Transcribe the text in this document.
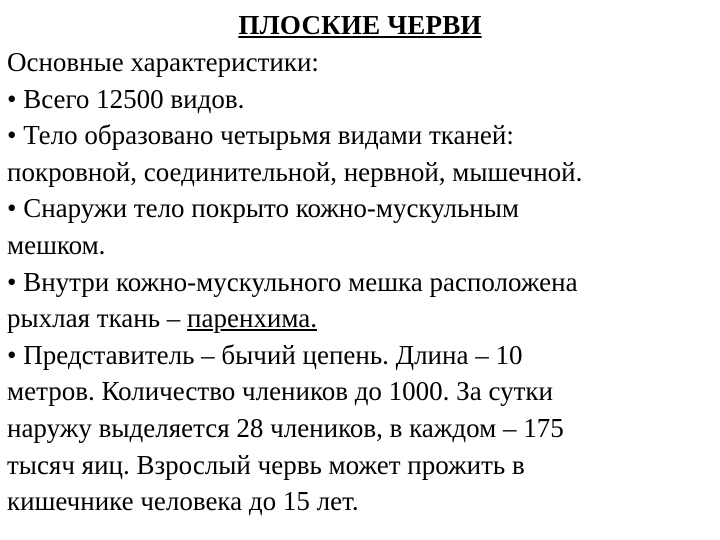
ПЛОСКИЕ ЧЕРВИ
Основные характеристики:
• Всего 12500 видов.
• Тело образовано четырьмя видами тканей:
покровной, соединительной, нервной, мышечной.
• Снаружи тело покрыто кожно-мускульным
мешком.
• Внутри кожно-мускульного мешка расположена
рыхлая ткань – паренхима.
• Представитель – бычий цепень. Длина – 10
метров. Количество члеников до 1000. За сутки
наружу выделяется 28 члеников, в каждом – 175
тысяч яиц. Взрослый червь может прожить в
кишечнике человека до 15 лет.
